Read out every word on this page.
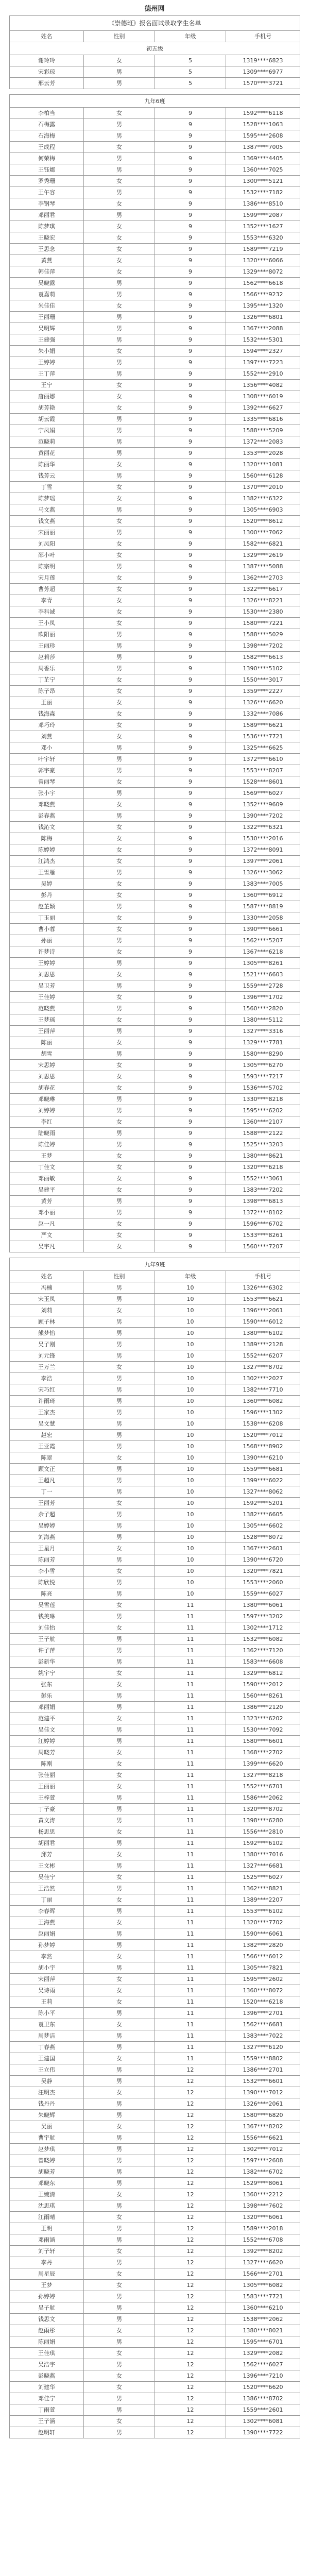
德州网
《崇德班》报名面试录取学生名单			
姓名	性别	年级	手机号
初五级			
谢玲玲	女	5	1319****6823
宋彩琼	男	5	1309****6977
邢云芳	男	5	1570****3721

九年6班			
李柏当	女	9	1592****6118
石梅露	男	9	1528****1063
石海梅	男	9	1595****2608
王成程	女	9	1387****7005
何荣梅	男	9	1369****4405
王钰娜	男	9	1360****7025
罗秀珊	女	9	1300****5121
王午容	男	9	1532****7182
李钢琴	女	9	1386****8510
邓丽君	男	9	1599****2087
陈梦琪	女	9	1352****1627
王晓宏	女	9	1553****6320
王思念	女	9	1589****7219
黄燕	女	9	1320****6066
韩佳萍	女	9	1329****8072
吴晓露	男	9	1562****6618
袁嘉莉	男	9	1566****9232
朱佳佳	女	9	1395****1320
王丽珊	男	9	1326****6801
吴明辉	男	9	1367****2088
王建强	男	9	1532****5301
朱小娟	女	9	1594****2327
王婷婷	男	9	1397****7223
王丁萍	男	9	1552****2910
王宁	女	9	1356****4082
唐丽娜	女	9	1308****6019
胡芳艳	女	9	1392****6627
胡云霞	男	9	1335****6816
宁凤娟	男	9	1588****5209
范晓莉	男	9	1372****2083
黄丽花	男	9	1353****2028
陈丽华	女	9	1320****1081
钱芳云	男	9	1560****6128
丁雪	女	9	1370****2010
陈梦瑶	女	9	1382****6322
马文燕	男	9	1305****6903
钱文燕	女	9	1520****8612
宋丽丽	男	9	1300****7062
刘凤阳	女	9	1582****6821
邵小叶	女	9	1329****2619
陈宗明	男	9	1387****5088
宋月莲	女	9	1362****2703
曹芳超	女	9	1322****6617
李青	女	9	1326****8221
李科诚	女	9	1530****2380
王小凤	女	9	1580****7221
欧阳丽	男	9	1588****5029
王丽珍	男	9	1398****7202
赵莉莎	男	9	1582****6613
周香乐	男	9	1390****5102
丁芷宁	女	9	1550****3017
陈子昂	女	9	1359****2227
王丽	女	9	1326****6620
钱海森	女	9	1332****7086
邓巧玲	女	9	1589****6621
刘燕	女	9	1536****7721
邓小	男	9	1325****6625
叶宇轩	男	9	1372****6610
郭宇豪	男	9	1553****8207
曾丽琴	女	9	1528****8601
张小宇	男	9	1569****6027
邓晓燕	女	9	1352****9609
彭春燕	男	9	1390****7202
钱沁文	女	9	1322****6321
陈梅	女	9	1530****2016
陈婷婷	女	9	1372****8091
江鸿杰	女	9	1397****2061
王雪雁	男	9	1326****3062
吴婷	女	9	1383****7005
彭丹	女	9	1360****6912
赵芷颖	男	9	1587****8819
丁玉丽	女	9	1330****2058
曹小蓉	女	9	1390****6661
孙丽	男	9	1562****5207
许梦诗	女	9	1367****6218
王婷婷	男	9	1305****8261
刘思思	女	9	1521****6603
吴卫芳	男	9	1559****2728
王佳婷	女	9	1396****1702
范晓燕	男	9	1560****2820
王梦瑶	女	9	1380****5112
王丽萍	男	9	1327****3316
陈丽	女	9	1329****7781
胡雪	男	9	1580****8290
宋思婷	女	9	1305****6270
刘思思	女	9	1593****7217
胡春花	女	9	1536****5702
邓晓琳	男	9	1330****8218
刘婷婷	男	9	1595****6202
李红	女	9	1360****2107
陆晓雨	男	9	1588****2122
陈佳婷	男	9	1525****3203
王梦	女	9	1380****8621
丁佳文	女	9	1320****6218
邓丽敏	女	9	1552****3061
吴建平	女	9	1383****7202
黄芳	男	9	1398****6813
邓小丽	男	9	1372****8102
赵一凡	女	9	1596****6702
严文	女	9	1533****8261
吴宇凡	女	9	1560****7207

九年9班			
姓名	性别	年级	手机号
冯楠	男	10	1326****6302
宋玉凤	男	10	1553****6621
刘莉	女	10	1396****2061
顾子林	男	10	1590****6012
熊梦怡	男	10	1380****6102
吴子刚	男	10	1389****2128
刘元锋	男	10	1552****6207
王万兰	女	10	1327****8702
李浩	男	10	1302****2027
宋巧红	男	10	1382****7710
许雨琦	男	10	1360****6082
王家杰	男	10	1596****1302
吴文慧	男	10	1538****6208
赵宏	男	10	1520****7012
王亚霞	男	10	1568****8902
陈翠	女	10	1390****6210
顾文正	男	10	1559****6681
王超凡	男	10	1399****6022
丁一	男	10	1327****8062
王丽芳	女	10	1592****5201
余子超	男	10	1382****6605
吴婷婷	男	10	1305****6602
刘海燕	男	10	1528****8072
王星月	女	10	1367****2601
陈丽芳	男	10	1390****6720
李小雪	女	10	1320****7821
陈欣悦	男	10	1553****2060
陈亮	男	10	1559****6027
吴雪莲	女	11	1380****6061
钱美琳	男	11	1597****3202
刘佳怡	女	11	1302****1712
王子航	男	11	1532****6082
许子萍	男	11	1362****7120
彭新华	男	11	1583****6608
姚宇宁	女	11	1329****6812
张东	女	11	1590****2012
彭乐	男	11	1560****8261
邓丽娟	男	11	1386****2120
范建平	女	11	1323****6202
吴佳文	男	11	1530****7092
江婷婷	男	11	1580****6601
周晓芳	女	11	1368****2702
陈刚	女	11	1399****6620
张佳丽	女	11	1327****8218
王丽丽	女	11	1552****6701
王梓萱	男	11	1586****2062
丁子豪	男	11	1320****8702
黄文涛	男	11	1398****6280
杨思思	女	11	1556****2810
胡丽君	男	11	1592****6102
邱芳	女	11	1380****7016
王文彬	男	11	1327****6681
吴佳宁	女	11	1525****6027
王浩然	男	11	1362****8821
丁丽	女	11	1389****2207
李春晖	男	11	1553****6102
王海燕	女	11	1320****7702
赵丽娟	男	11	1590****6061
孙梦婷	男	11	1382****2820
李然	女	11	1566****6012
胡小宇	男	11	1305****7821
宋丽萍	女	11	1595****2602
吴诗雨	女	11	1360****8072
王莉	女	11	1520****6218
陈小平	男	11	1396****2701
袁卫东	女	11	1562****6681
周梦洁	男	11	1383****7022
丁春燕	男	11	1327****6120
王建国	女	11	1559****8802
王立伟	男	12	1386****2701
吴静	男	12	1532****6601
汪明杰	女	12	1390****7012
钱丹丹	男	12	1326****2061
朱晓辉	男	12	1580****6820
吴丽	女	12	1367****8202
曹宇航	男	12	1556****6621
赵梦琪	男	12	1302****7012
曾晓婷	男	12	1597****2608
胡晓芳	男	12	1382****6702
邓晓东	男	12	1529****8061
王婉清	女	12	1360****2212
沈思琪	男	12	1398****7602
江雨晴	女	12	1320****6061
王明	男	12	1589****2018
邓雨涵	男	12	1552****6708
刘子轩	女	12	1392****8202
李丹	男	12	1327****6620
周星辰	女	12	1566****2701
王梦	女	12	1305****6082
孙婷婷	男	12	1583****7721
吴子航	男	12	1360****6210
钱思文	男	12	1538****2062
赵雨彤	女	12	1380****8021
陈丽娟	男	12	1595****6701
王佳琪	女	12	1329****2082
吴浩宇	男	12	1562****6027
彭晓燕	女	12	1396****7210
刘建华	女	12	1520****6620
邓佳宁	男	12	1386****8702
丁雨萱	男	12	1559****2601
王子涵	女	12	1302****6081
赵明轩	男	12	1390****7722
